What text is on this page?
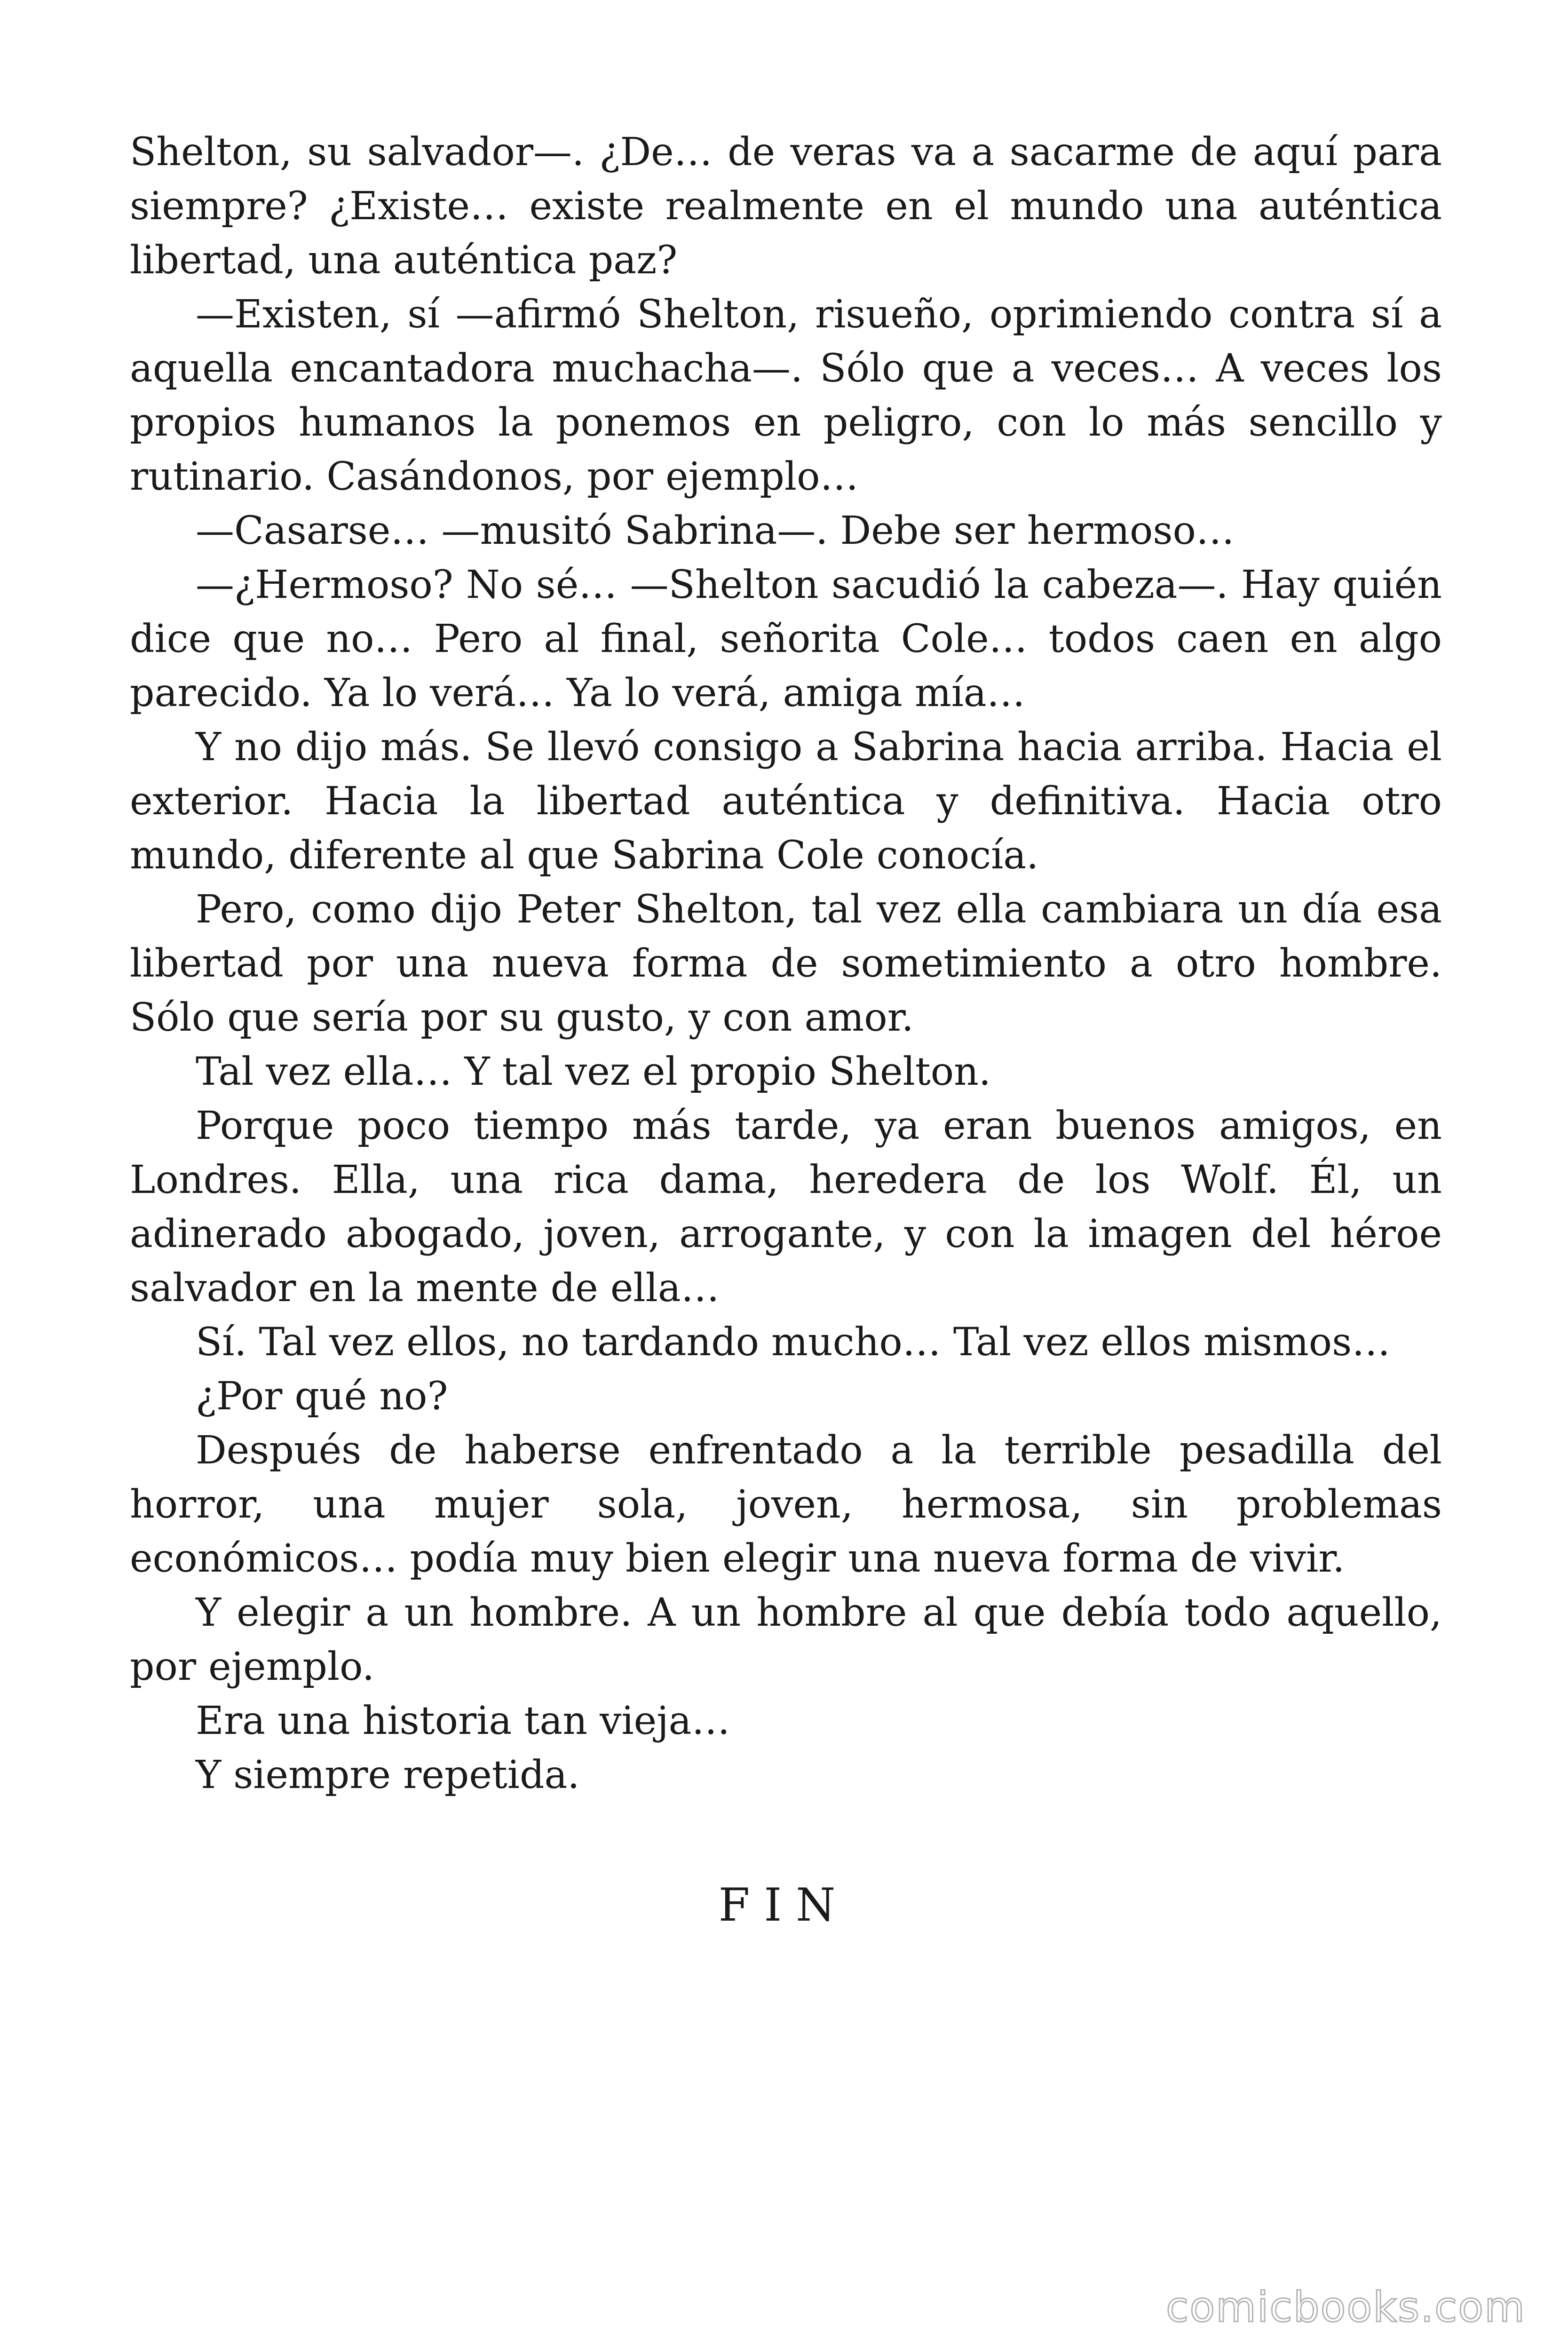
Shelton, su salvador—. ¿De… de veras va a sacarme de aquí para siempre? ¿Existe… existe realmente en el mundo una auténtica libertad, una auténtica paz?

—Existen, sí —afirmó Shelton, risueño, oprimiendo contra sí a aquella encantadora muchacha—. Sólo que a veces… A veces los propios humanos la ponemos en peligro, con lo más sencillo y rutinario. Casándonos, por ejemplo…

—Casarse… —musitó Sabrina—. Debe ser hermoso…

—¿Hermoso? No sé… —Shelton sacudió la cabeza—. Hay quién dice que no… Pero al final, señorita Cole… todos caen en algo parecido. Ya lo verá… Ya lo verá, amiga mía…

Y no dijo más. Se llevó consigo a Sabrina hacia arriba. Hacia el exterior. Hacia la libertad auténtica y definitiva. Hacia otro mundo, diferente al que Sabrina Cole conocía.

Pero, como dijo Peter Shelton, tal vez ella cambiara un día esa libertad por una nueva forma de sometimiento a otro hombre. Sólo que sería por su gusto, y con amor.

Tal vez ella… Y tal vez el propio Shelton.

Porque poco tiempo más tarde, ya eran buenos amigos, en Londres. Ella, una rica dama, heredera de los Wolf. Él, un adinerado abogado, joven, arrogante, y con la imagen del héroe salvador en la mente de ella…

Sí. Tal vez ellos, no tardando mucho… Tal vez ellos mismos…

¿Por qué no?

Después de haberse enfrentado a la terrible pesadilla del horror, una mujer sola, joven, hermosa, sin problemas económicos… podía muy bien elegir una nueva forma de vivir.

Y elegir a un hombre. A un hombre al que debía todo aquello, por ejemplo.

Era una historia tan vieja…

Y siempre repetida.

FIN
comicbooks.com
